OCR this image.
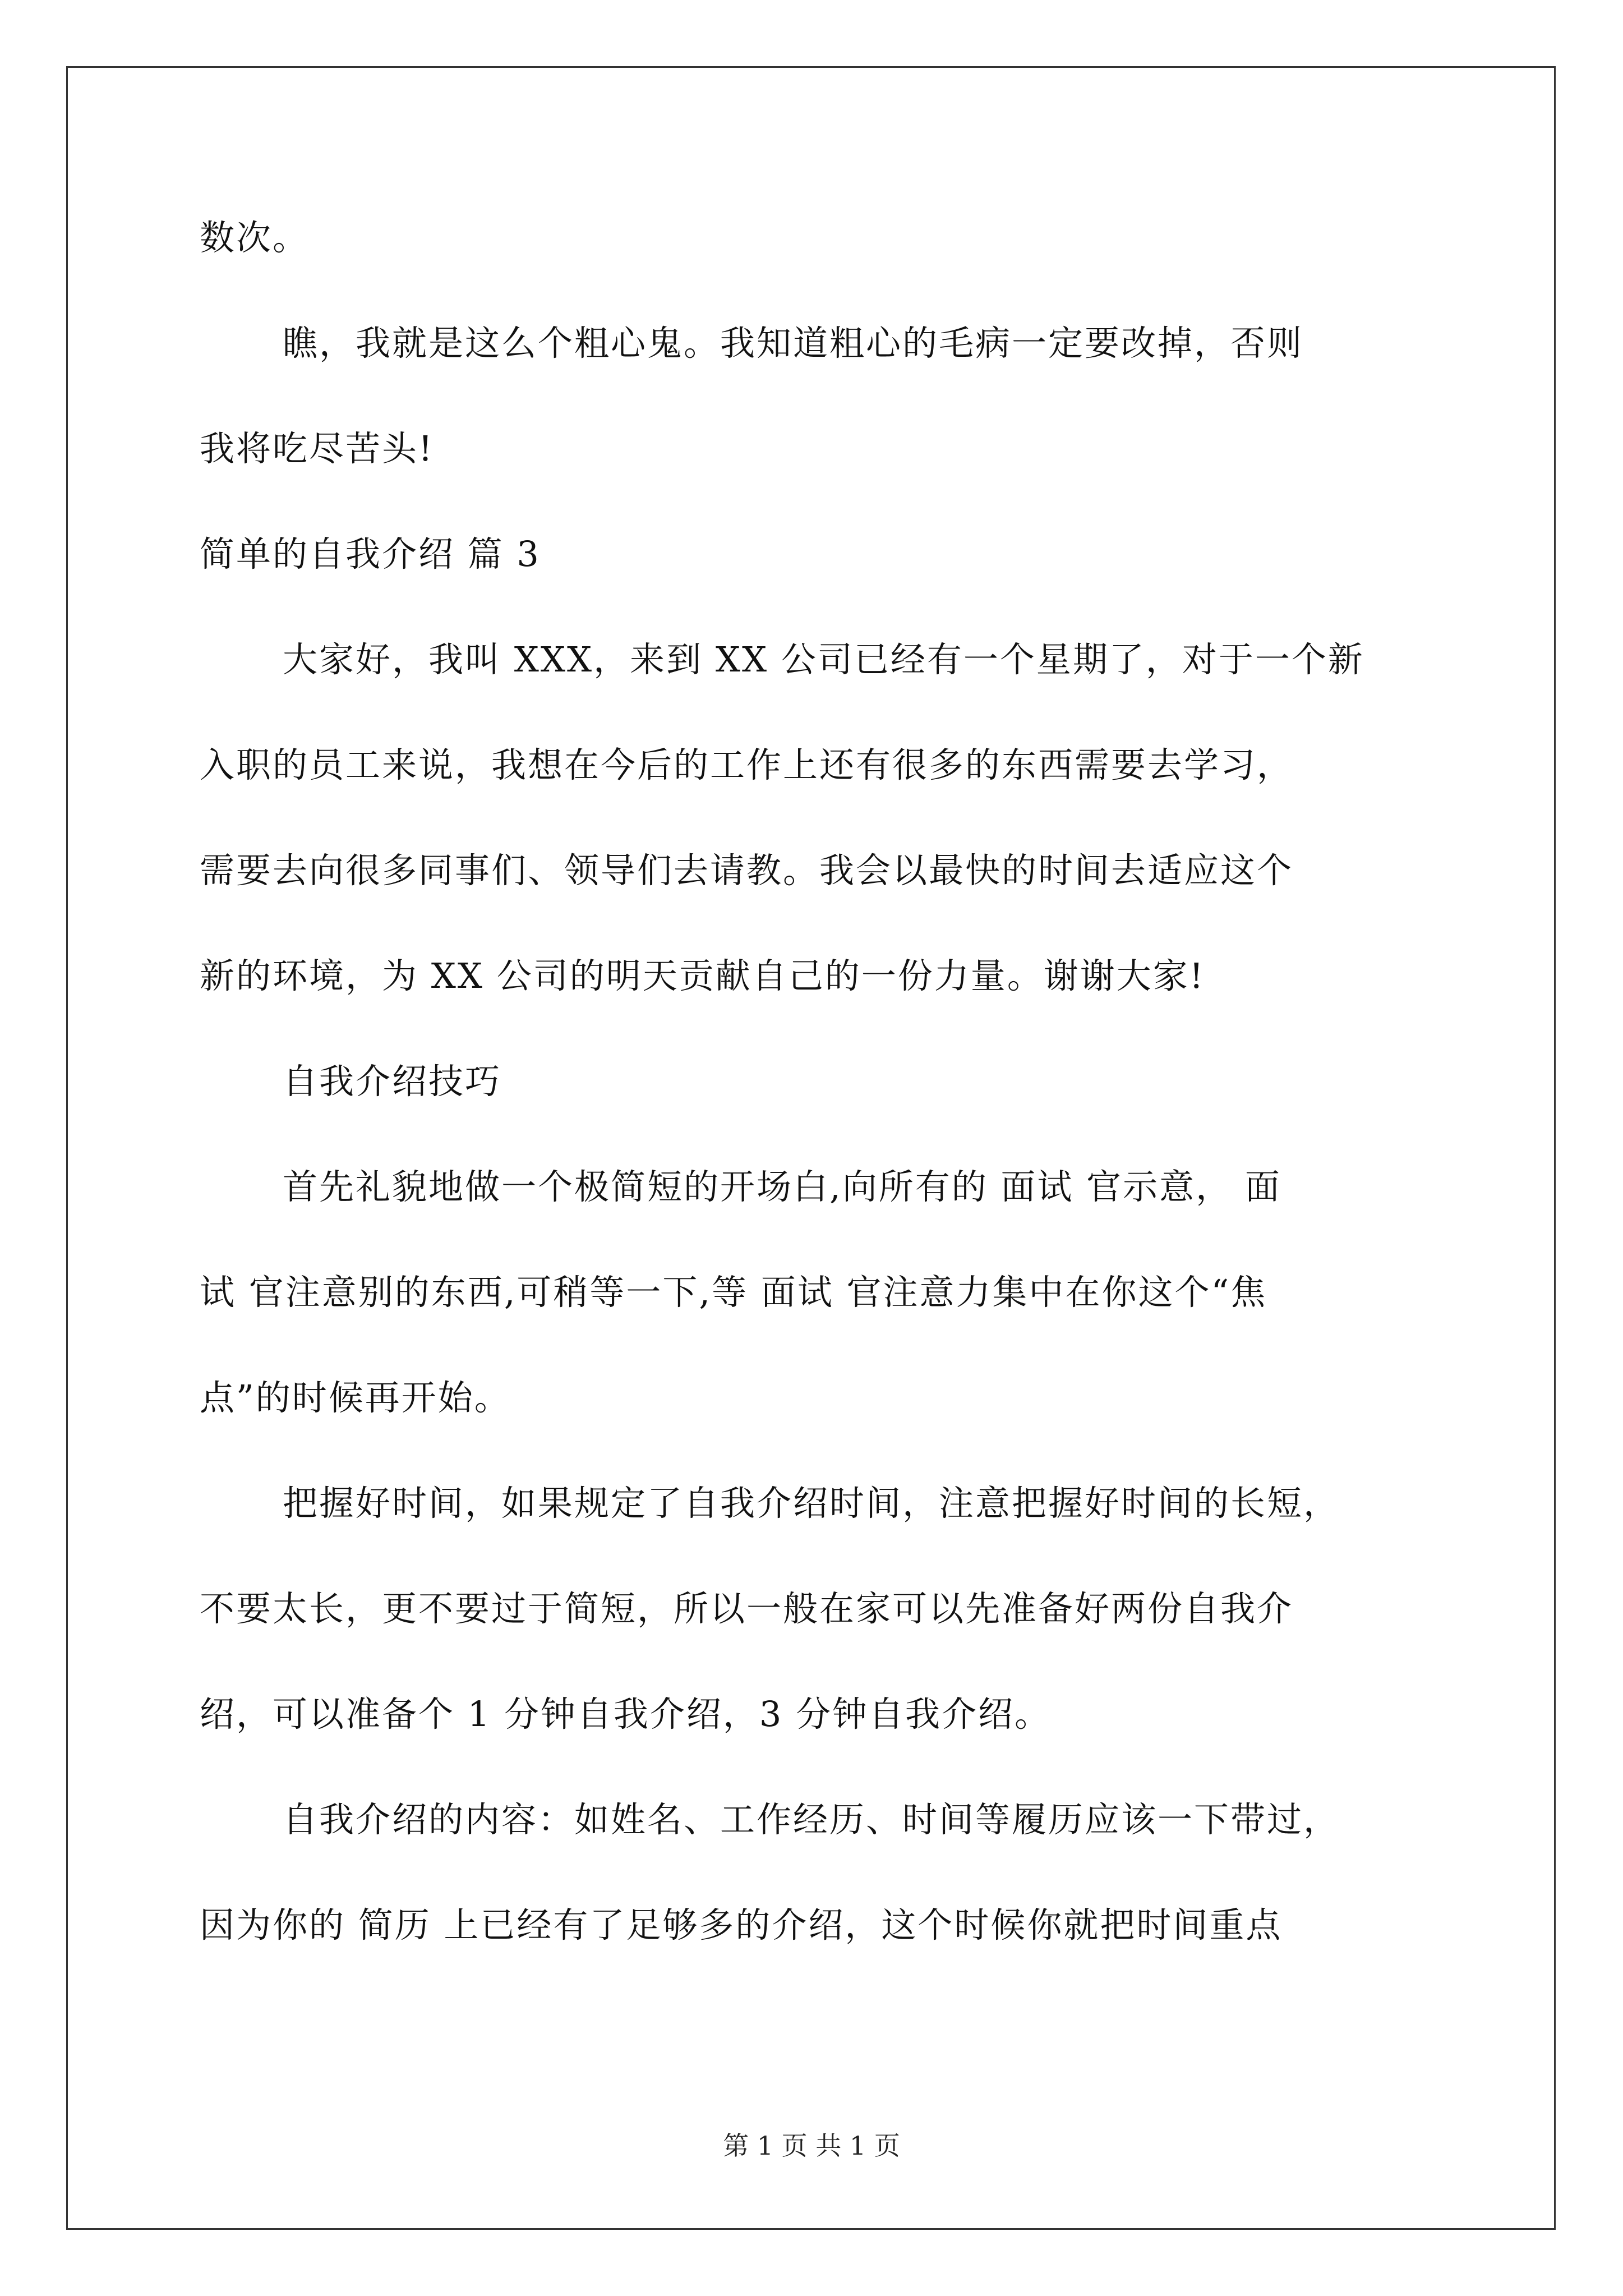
数次。
瞧，我就是这么个粗心鬼。我知道粗心的毛病一定要改掉，否则
我将吃尽苦头!
简单的自我介绍 篇 3
大家好，我叫 XXX，来到 XX 公司已经有一个星期了，对于一个新
入职的员工来说，我想在今后的工作上还有很多的东西需要去学习，
需要去向很多同事们、领导们去请教。我会以最快的时间去适应这个
新的环境，为 XX 公司的明天贡献自己的一份力量。谢谢大家!
自我介绍技巧
首先礼貌地做一个极简短的开场白,向所有的 面试 官示意， 面
试 官注意别的东西,可稍等一下,等 面试 官注意力集中在你这个“焦
点”的时候再开始。
把握好时间，如果规定了自我介绍时间，注意把握好时间的长短，
不要太长，更不要过于简短，所以一般在家可以先准备好两份自我介
绍，可以准备个 1 分钟自我介绍，3 分钟自我介绍。
自我介绍的内容：如姓名、工作经历、时间等履历应该一下带过，
因为你的 简历 上已经有了足够多的介绍，这个时候你就把时间重点
第 1 页 共 1 页
